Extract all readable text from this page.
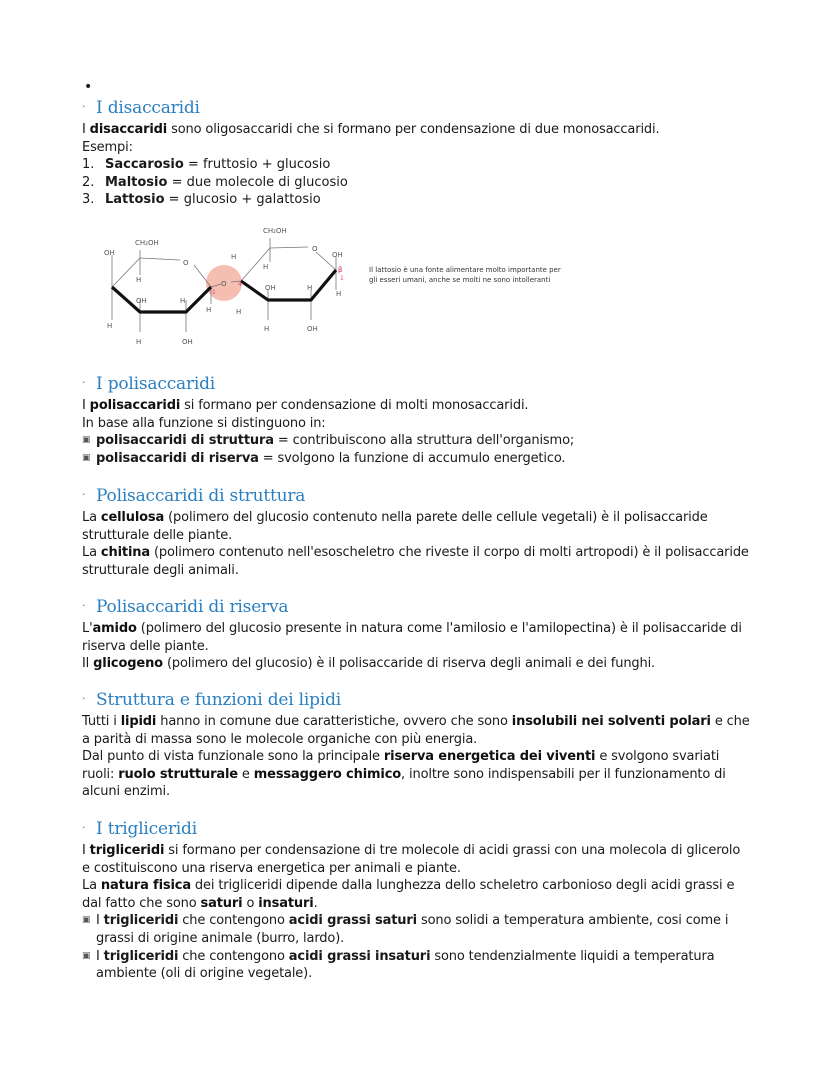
•
· I disaccaridi

I disaccaridi sono oligosaccaridi che si formano per condensazione di due monosaccaridi.

Esempi:

1. Saccarosio = fruttosio + glucosio
2. Maltosio = due molecole di glucosio
3. Lattosio = glucosio + galattosio
OH
CH₂OH
O
H
OH	H
H
H	OH
H
O
H
CH₂OH
O
H
OH	H
OH
H
H
H	OH
β
1
1
4
Il lattosio è una fonte alimentare molto importante per gli esseri umani, anche se molti ne sono intolleranti
· I polisaccaridi

I polisaccaridi si formano per condensazione di molti monosaccaridi.

In base alla funzione si distinguono in:

▣ polisaccaridi di struttura = contribuiscono alla struttura dell'organismo;
▣ polisaccaridi di riserva = svolgono la funzione di accumulo energetico.
· Polisaccaridi di struttura

La cellulosa (polimero del glucosio contenuto nella parete delle cellule vegetali) è il polisaccaride strutturale delle piante.

La chitina (polimero contenuto nell'esoscheletro che riveste il corpo di molti artropodi) è il polisaccaride strutturale degli animali.

· Polisaccaridi di riserva

L'amido (polimero del glucosio presente in natura come l'amilosio e l'amilopectina) è il polisaccaride di riserva delle piante.

Il glicogeno (polimero del glucosio) è il polisaccaride di riserva degli animali e dei funghi.

· Struttura e funzioni dei lipidi

Tutti i lipidi hanno in comune due caratteristiche, ovvero che sono insolubili nei solventi polari e che a parità di massa sono le molecole organiche con più energia.

Dal punto di vista funzionale sono la principale riserva energetica dei viventi e svolgono svariati ruoli: ruolo strutturale e messaggero chimico, inoltre sono indispensabili per il funzionamento di alcuni enzimi.

· I trigliceridi

I trigliceridi si formano per condensazione di tre molecole di acidi grassi con una molecola di glicerolo e costituiscono una riserva energetica per animali e piante.

La natura fisica dei trigliceridi dipende dalla lunghezza dello scheletro carbonioso degli acidi grassi e dal fatto che sono saturi o insaturi.

▣ I trigliceridi che contengono acidi grassi saturi sono solidi a temperatura ambiente, cosi come i grassi di origine animale (burro, lardo).
▣ I trigliceridi che contengono acidi grassi insaturi sono tendenzialmente liquidi a temperatura ambiente (oli di origine vegetale).
